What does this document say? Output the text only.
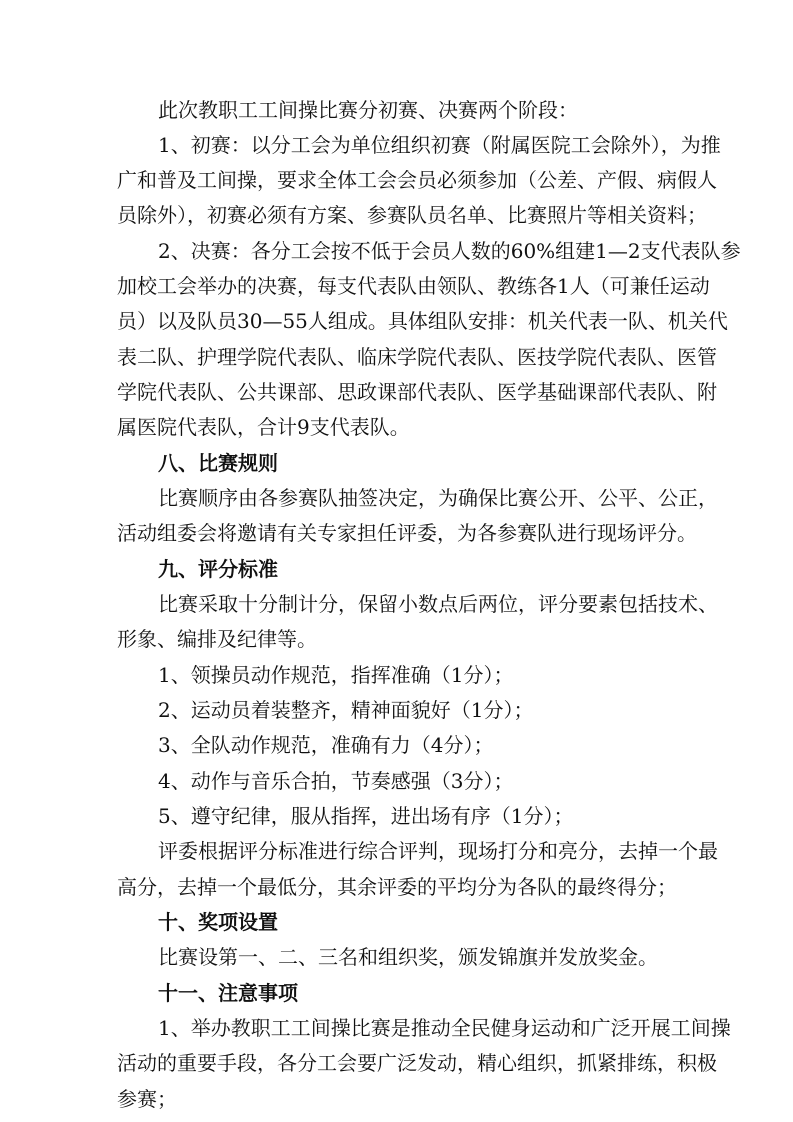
此次教职工工间操比赛分初赛、决赛两个阶段：

1、初赛：以分工会为单位组织初赛（附属医院工会除外），为推

广和普及工间操，要求全体工会会员必须参加（公差、产假、病假人

员除外），初赛必须有方案、参赛队员名单、比赛照片等相关资料；

2、决赛：各分工会按不低于会员人数的60%组建1—2支代表队参

加校工会举办的决赛，每支代表队由领队、教练各1人（可兼任运动

员）以及队员30—55人组成。具体组队安排：机关代表一队、机关代

表二队、护理学院代表队、临床学院代表队、医技学院代表队、医管

学院代表队、公共课部、思政课部代表队、医学基础课部代表队、附

属医院代表队，合计9支代表队。

八、比赛规则

比赛顺序由各参赛队抽签决定，为确保比赛公开、公平、公正，

活动组委会将邀请有关专家担任评委，为各参赛队进行现场评分。

九、评分标准

比赛采取十分制计分，保留小数点后两位，评分要素包括技术、

形象、编排及纪律等。

1、领操员动作规范，指挥准确（1分）；

2、运动员着装整齐，精神面貌好（1分）；

3、全队动作规范，准确有力（4分）；

4、动作与音乐合拍，节奏感强（3分）；

5、遵守纪律，服从指挥，进出场有序（1分）；

评委根据评分标准进行综合评判，现场打分和亮分，去掉一个最

高分，去掉一个最低分，其余评委的平均分为各队的最终得分；

十、奖项设置

比赛设第一、二、三名和组织奖，颁发锦旗并发放奖金。

十一、注意事项

1、举办教职工工间操比赛是推动全民健身运动和广泛开展工间操

活动的重要手段，各分工会要广泛发动，精心组织，抓紧排练，积极

参赛；
